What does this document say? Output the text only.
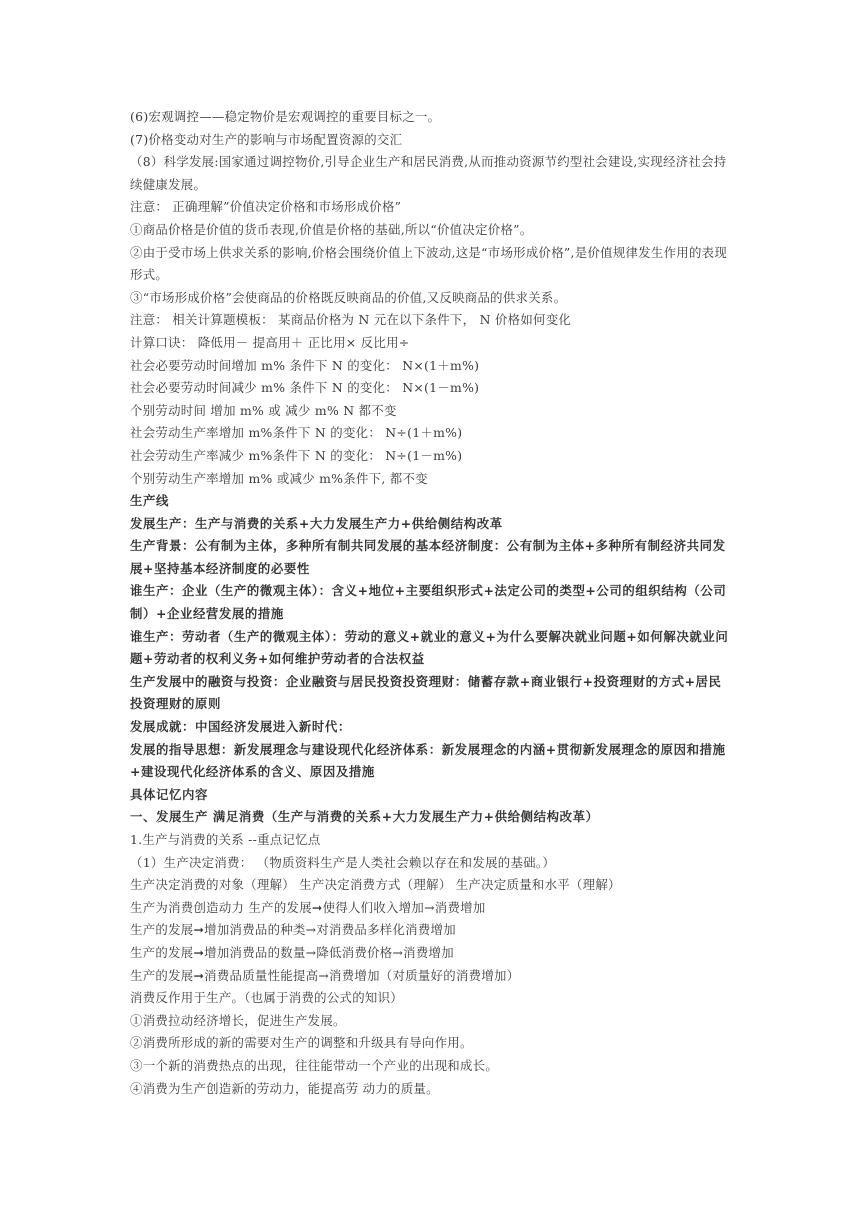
(6)宏观调控——稳定物价是宏观调控的重要目标之一。
(7)价格变动对生产的影响与市场配置资源的交汇
（8）科学发展:国家通过调控物价,引导企业生产和居民消费,从而推动资源节约型社会建设,实现经济社会持续健康发展。
注意： 正确理解”价值决定价格和市场形成价格”
①商品价格是价值的货币表现,价值是价格的基础,所以“价值决定价格”。
②由于受市场上供求关系的影响,价格会围绕价值上下波动,这是“市场形成价格”,是价值规律发生作用的表现形式。
③“市场形成价格”会使商品的价格既反映商品的价值,又反映商品的供求关系。
注意： 相关计算题模板： 某商品价格为 N 元在以下条件下， N 价格如何变化
计算口诀： 降低用－ 提高用＋ 正比用× 反比用÷
社会必要劳动时间增加 m% 条件下 N 的变化： N×(1＋m%)
社会必要劳动时间减少 m% 条件下 N 的变化： N×(1－m%)
个别劳动时间 增加 m% 或 减少 m% N 都不变
社会劳动生产率增加 m%条件下 N 的变化： N÷(1＋m%)
社会劳动生产率减少 m%条件下 N 的变化： N÷(1－m%)
个别劳动生产率增加 m% 或减少 m%条件下, 都不变
生产线
发展生产：生产与消费的关系+大力发展生产力+供给侧结构改革
生产背景：公有制为主体，多种所有制共同发展的基本经济制度：公有制为主体+多种所有制经济共同发展+坚持基本经济制度的必要性
谁生产：企业（生产的微观主体）：含义+地位+主要组织形式+法定公司的类型+公司的组织结构（公司制）+企业经营发展的措施
谁生产：劳动者（生产的微观主体）：劳动的意义+就业的意义+为什么要解决就业问题+如何解决就业问题+劳动者的权利义务+如何维护劳动者的合法权益
生产发展中的融资与投资：企业融资与居民投资投资理财：储蓄存款+商业银行+投资理财的方式+居民投资理财的原则
发展成就：中国经济发展进入新时代：
发展的指导思想：新发展理念与建设现代化经济体系：新发展理念的内涵+贯彻新发展理念的原因和措施+建设现代化经济体系的含义、原因及措施
具体记忆内容
一、发展生产 满足消费（生产与消费的关系+大力发展生产力+供给侧结构改革）
1.生产与消费的关系 --重点记忆点
（1）生产决定消费： （物质资料生产是人类社会赖以存在和发展的基础。）
生产决定消费的对象（理解） 生产决定消费方式（理解） 生产决定质量和水平（理解）
生产为消费创造动力 生产的发展➞使得人们收入增加→消费增加
生产的发展➞增加消费品的种类→对消费品多样化消费增加
生产的发展➞增加消费品的数量→降低消费价格→消费增加
生产的发展➞消费品质量性能提高→消费增加（对质量好的消费增加）
消费反作用于生产。（也属于消费的公式的知识）
①消费拉动经济增长，促进生产发展。
②消费所形成的新的需要对生产的调整和升级具有导向作用。
③一个新的消费热点的出现，往往能带动一个产业的出现和成长。
④消费为生产创造新的劳动力，能提高劳 动力的质量。
